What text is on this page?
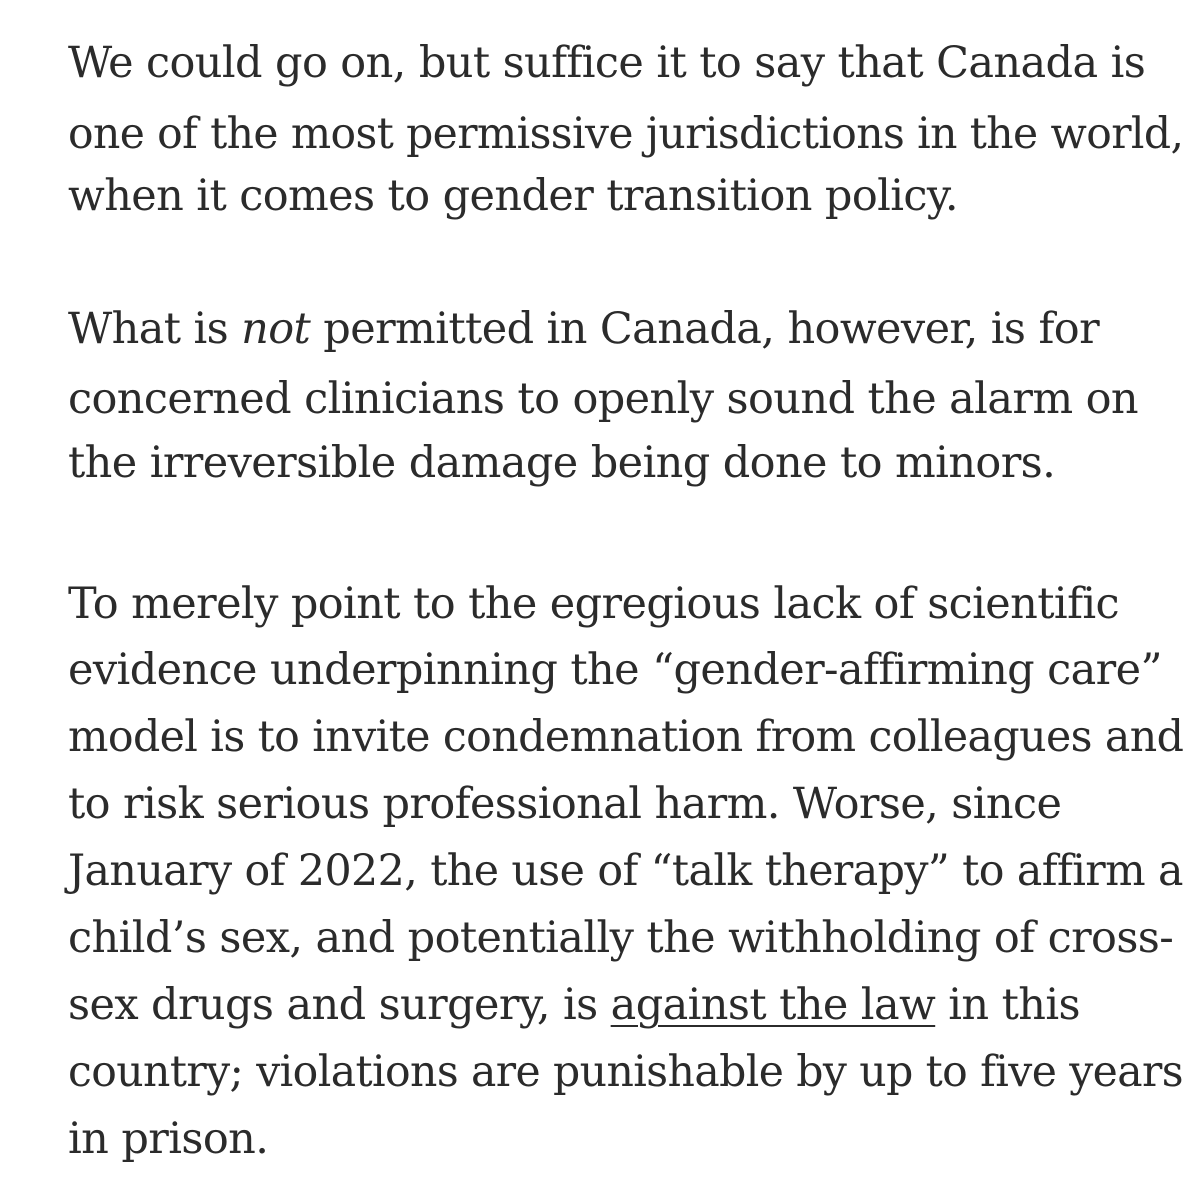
We could go on, but suffice it to say that Canada is
one of the most permissive jurisdictions in the world,
when it comes to gender transition policy.
What is not permitted in Canada, however, is for
concerned clinicians to openly sound the alarm on
the irreversible damage being done to minors.
To merely point to the egregious lack of scientific
evidence underpinning the “gender-affirming care”
model is to invite condemnation from colleagues and
to risk serious professional harm. Worse, since
January of 2022, the use of “talk therapy” to affirm a
child’s sex, and potentially the withholding of cross-
sex drugs and surgery, is against the law in this
country; violations are punishable by up to five years
in prison.
